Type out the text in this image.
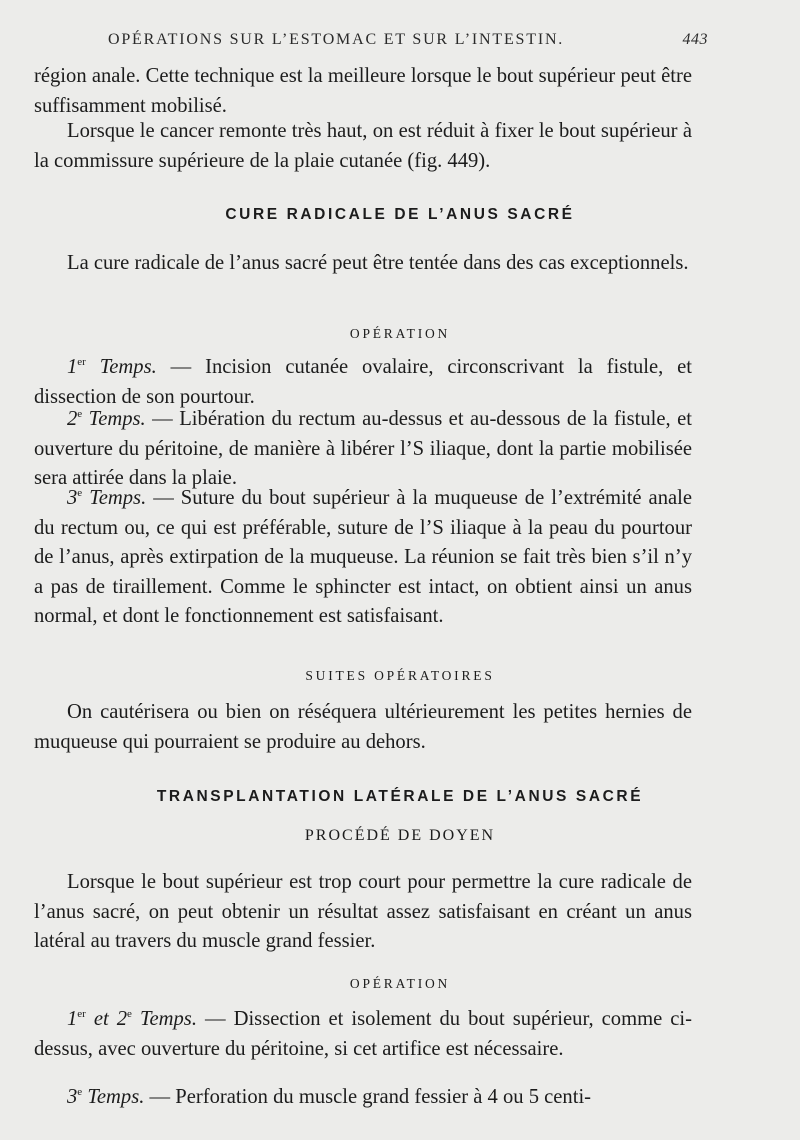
OPÉRATIONS SUR L’ESTOMAC ET SUR L’INTESTIN.	443
région anale. Cette technique est la meilleure lorsque le bout supérieur peut être suffisamment mobilisé.
Lorsque le cancer remonte très haut, on est réduit à fixer le bout supérieur à la commissure supérieure de la plaie cutanée (fig. 449).
CURE RADICALE DE L’ANUS SACRÉ
La cure radicale de l’anus sacré peut être tentée dans des cas exceptionnels.
OPÉRATION
1er Temps. — Incision cutanée ovalaire, circonscrivant la fistule, et dissection de son pourtour.
2e Temps. — Libération du rectum au-dessus et au-dessous de la fistule, et ouverture du péritoine, de manière à libérer l’S iliaque, dont la partie mobilisée sera attirée dans la plaie.
3e Temps. — Suture du bout supérieur à la muqueuse de l’extrémité anale du rectum ou, ce qui est préférable, suture de l’S iliaque à la peau du pourtour de l’anus, après extirpation de la muqueuse. La réunion se fait très bien s’il n’y a pas de tiraillement. Comme le sphincter est intact, on obtient ainsi un anus normal, et dont le fonctionnement est satisfaisant.
SUITES OPÉRATOIRES
On cautérisera ou bien on réséquera ultérieurement les petites hernies de muqueuse qui pourraient se produire au dehors.
TRANSPLANTATION LATÉRALE DE L’ANUS SACRÉ
PROCÉDÉ DE DOYEN
Lorsque le bout supérieur est trop court pour permettre la cure radicale de l’anus sacré, on peut obtenir un résultat assez satisfaisant en créant un anus latéral au travers du muscle grand fessier.
OPÉRATION
1er et 2e Temps. — Dissection et isolement du bout supérieur, comme ci-dessus, avec ouverture du péritoine, si cet artifice est nécessaire.
3e Temps. — Perforation du muscle grand fessier à 4 ou 5 centi-
